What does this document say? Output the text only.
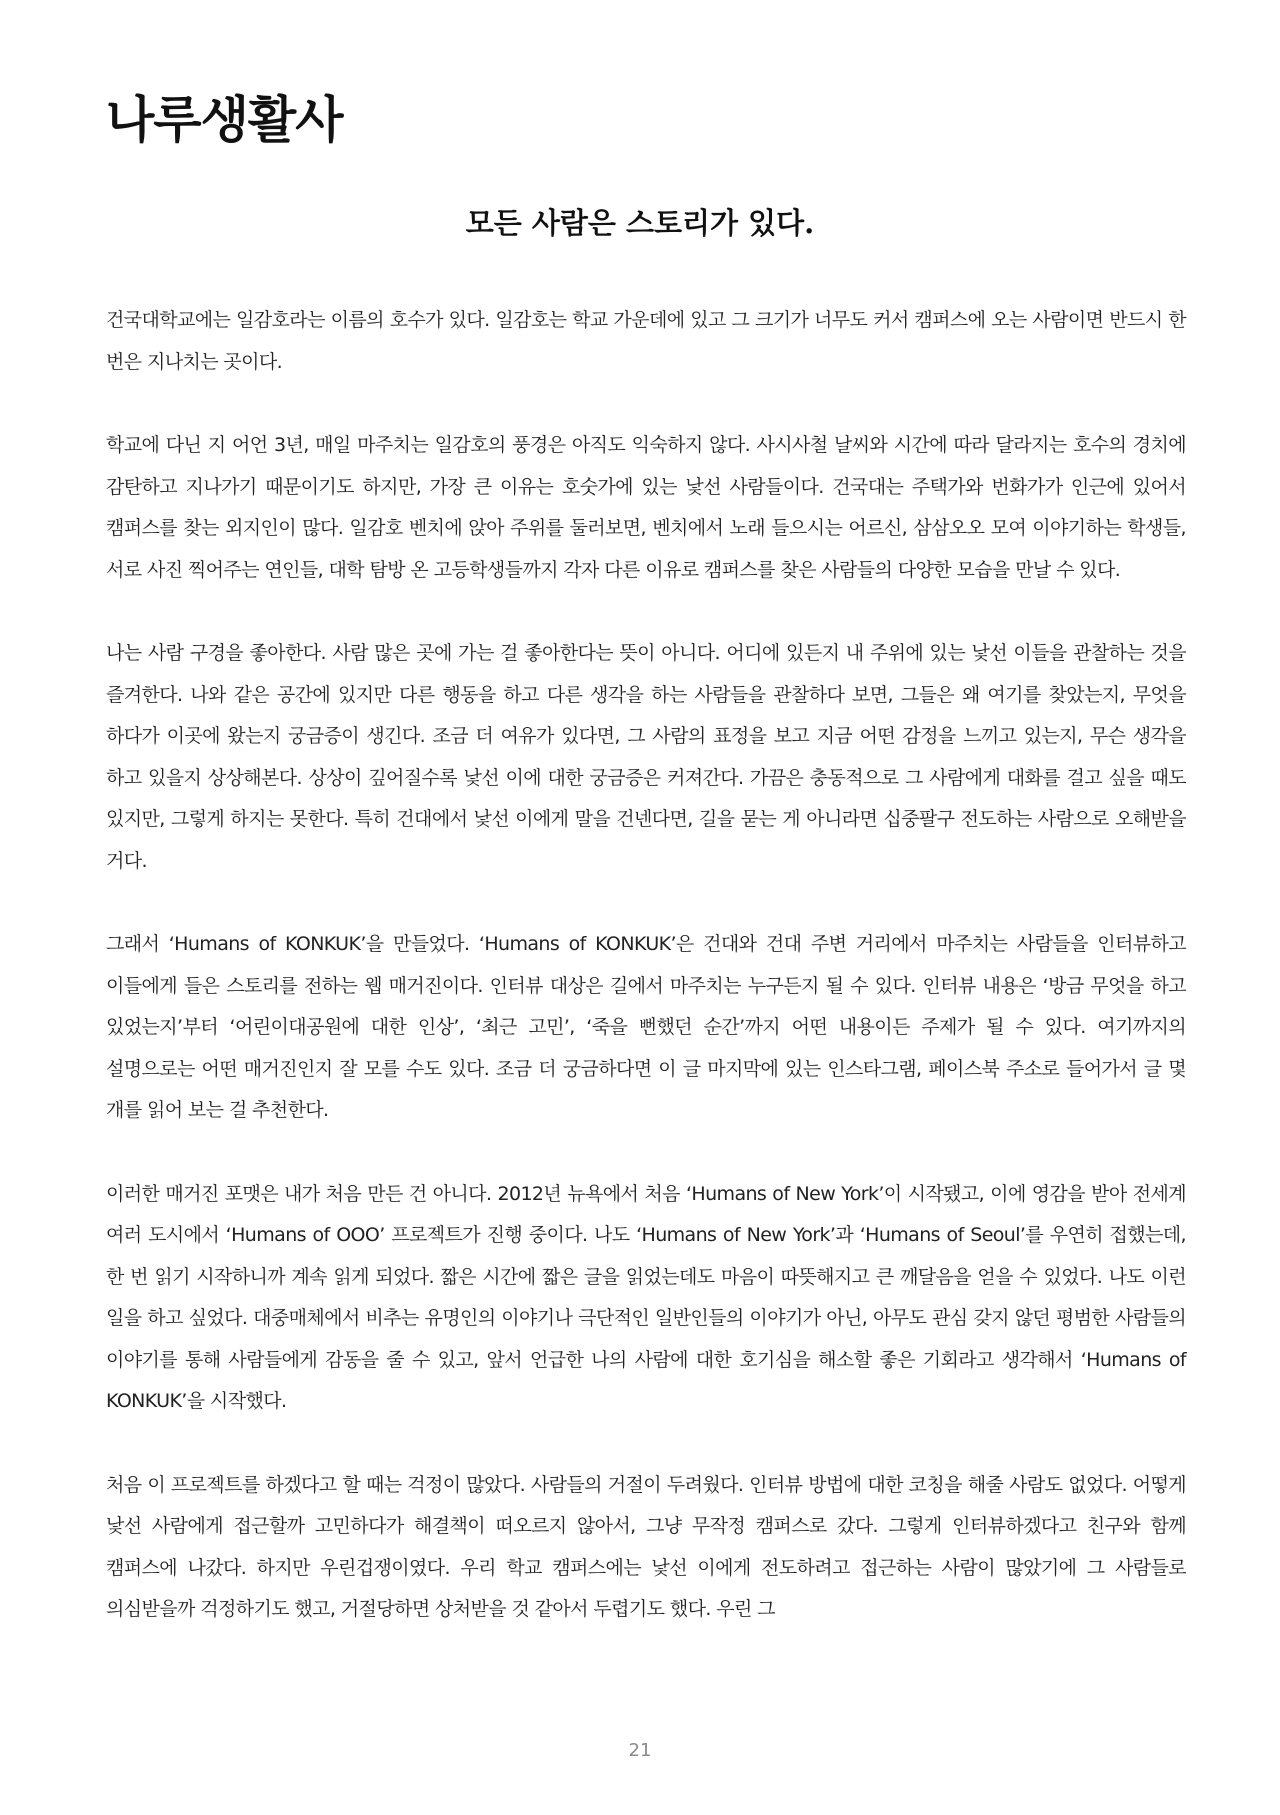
나루생활사
모든 사람은 스토리가 있다.

건국대학교에는 일감호라는 이름의 호수가 있다. 일감호는 학교 가운데에 있고 그 크기가 너무도 커서 캠퍼스에 오는 사람이면 반드시 한 번은 지나치는 곳이다.

학교에 다닌 지 어언 3년, 매일 마주치는 일감호의 풍경은 아직도 익숙하지 않다. 사시사철 날씨와 시간에 따라 달라지는 호수의 경치에 감탄하고 지나가기 때문이기도 하지만, 가장 큰 이유는 호숫가에 있는 낯선 사람들이다. 건국대는 주택가와 번화가가 인근에 있어서 캠퍼스를 찾는 외지인이 많다. 일감호 벤치에 앉아 주위를 둘러보면, 벤치에서 노래 들으시는 어르신, 삼삼오오 모여 이야기하는 학생들, 서로 사진 찍어주는 연인들, 대학 탐방 온 고등학생들까지 각자 다른 이유로 캠퍼스를 찾은 사람들의 다양한 모습을 만날 수 있다.

나는 사람 구경을 좋아한다. 사람 많은 곳에 가는 걸 좋아한다는 뜻이 아니다. 어디에 있든지 내 주위에 있는 낯선 이들을 관찰하는 것을 즐겨한다. 나와 같은 공간에 있지만 다른 행동을 하고 다른 생각을 하는 사람들을 관찰하다 보면, 그들은 왜 여기를 찾았는지, 무엇을 하다가 이곳에 왔는지 궁금증이 생긴다. 조금 더 여유가 있다면, 그 사람의 표정을 보고 지금 어떤 감정을 느끼고 있는지, 무슨 생각을 하고 있을지 상상해본다. 상상이 깊어질수록 낯선 이에 대한 궁금증은 커져간다. 가끔은 충동적으로 그 사람에게 대화를 걸고 싶을 때도 있지만, 그렇게 하지는 못한다. 특히 건대에서 낯선 이에게 말을 건넨다면, 길을 묻는 게 아니라면 십중팔구 전도하는 사람으로 오해받을 거다.

그래서 ‘Humans of KONKUK’을 만들었다. ‘Humans of KONKUK’은 건대와 건대 주변 거리에서 마주치는 사람들을 인터뷰하고 이들에게 들은 스토리를 전하는 웹 매거진이다. 인터뷰 대상은 길에서 마주치는 누구든지 될 수 있다. 인터뷰 내용은 ‘방금 무엇을 하고 있었는지’부터 ‘어린이대공원에 대한 인상’, ‘최근 고민’, ‘죽을 뻔했던 순간’까지 어떤 내용이든 주제가 될 수 있다. 여기까지의 설명으로는 어떤 매거진인지 잘 모를 수도 있다. 조금 더 궁금하다면 이 글 마지막에 있는 인스타그램, 페이스북 주소로 들어가서 글 몇 개를 읽어 보는 걸 추천한다.

이러한 매거진 포맷은 내가 처음 만든 건 아니다. 2012년 뉴욕에서 처음 ‘Humans of New York’이 시작됐고, 이에 영감을 받아 전세계 여러 도시에서 ‘Humans of OOO’ 프로젝트가 진행 중이다. 나도 ‘Humans of New York’과 ‘Humans of Seoul’를 우연히 접했는데, 한 번 읽기 시작하니까 계속 읽게 되었다. 짧은 시간에 짧은 글을 읽었는데도 마음이 따뜻해지고 큰 깨달음을 얻을 수 있었다. 나도 이런 일을 하고 싶었다. 대중매체에서 비추는 유명인의 이야기나 극단적인 일반인들의 이야기가 아닌, 아무도 관심 갖지 않던 평범한 사람들의 이야기를 통해 사람들에게 감동을 줄 수 있고, 앞서 언급한 나의 사람에 대한 호기심을 해소할 좋은 기회라고 생각해서 ‘Humans of KONKUK’을 시작했다.

처음 이 프로젝트를 하겠다고 할 때는 걱정이 많았다. 사람들의 거절이 두려웠다. 인터뷰 방법에 대한 코칭을 해줄 사람도 없었다. 어떻게 낯선 사람에게 접근할까 고민하다가 해결책이 떠오르지 않아서, 그냥 무작정 캠퍼스로 갔다. 그렇게 인터뷰하겠다고 친구와 함께 캠퍼스에 나갔다. 하지만 우린겁쟁이였다. 우리 학교 캠퍼스에는 낯선 이에게 전도하려고 접근하는 사람이 많았기에 그 사람들로 의심받을까 걱정하기도 했고, 거절당하면 상처받을 것 같아서 두렵기도 했다. 우린 그

21
